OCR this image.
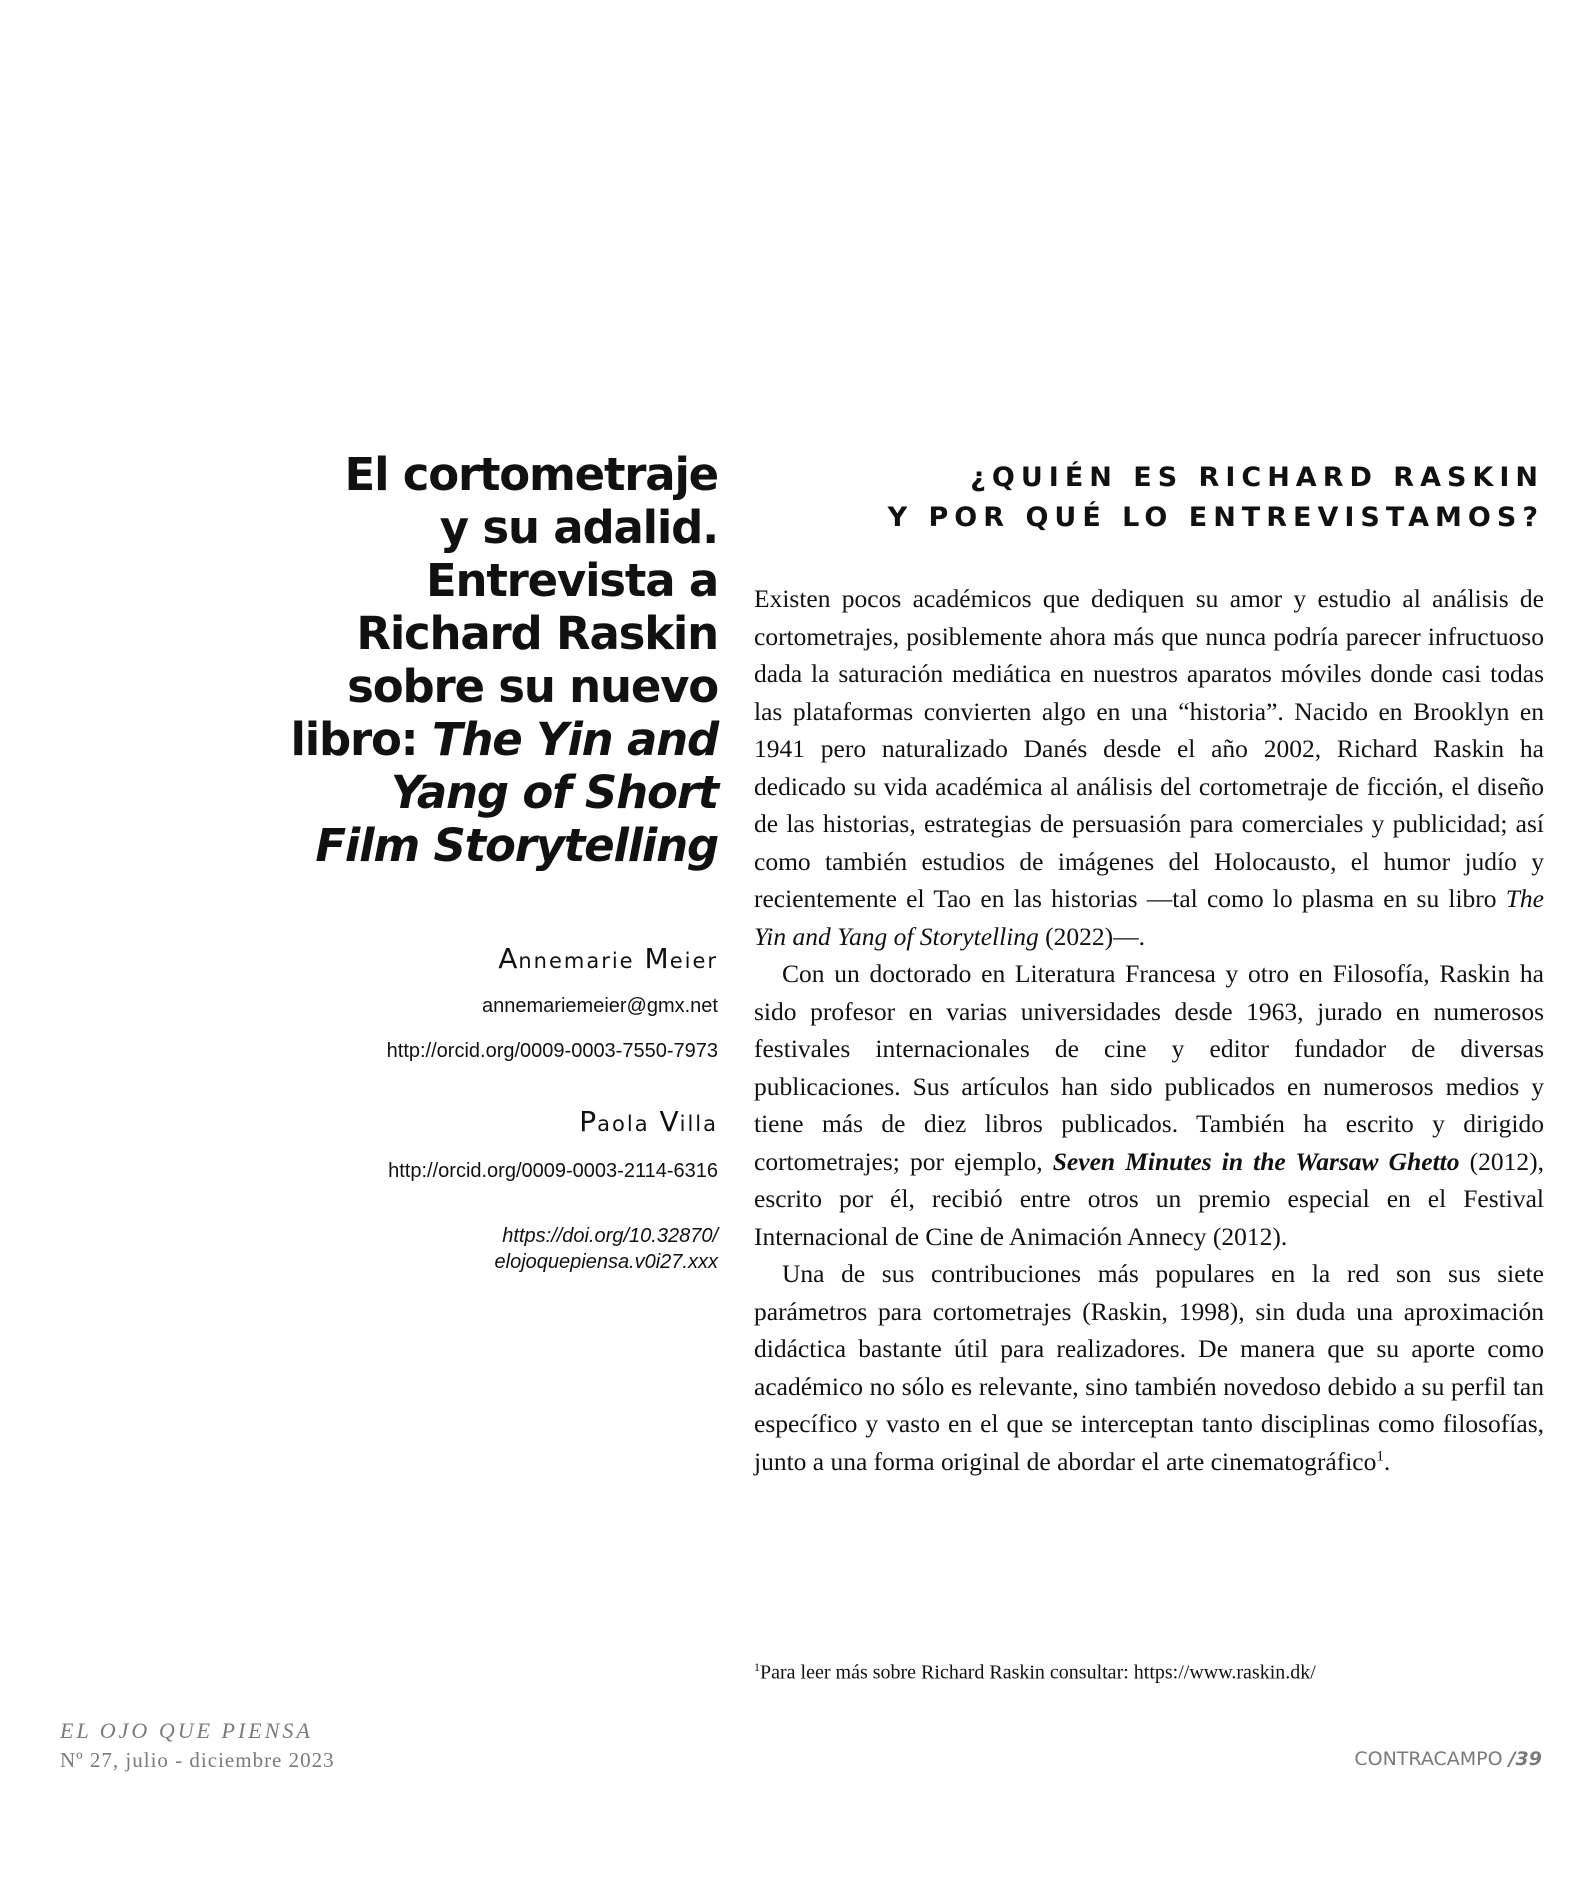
El cortometraje
y su adalid.
Entrevista a
Richard Raskin
sobre su nuevo
libro: The Yin and
Yang of Short
Film Storytelling

Annemarie Meier

annemariemeier@gmx.net

http://orcid.org/0009-0003-7550-7973

Paola Villa

http://orcid.org/0009-0003-2114-6316

https://doi.org/10.32870/
elojoquepiensa.v0i27.xxx

¿QUIÉN ES RICHARD RASKIN
Y POR QUÉ LO ENTREVISTAMOS?

Existen pocos académicos que dediquen su amor y estudio al análisis de cortometrajes, posiblemente ahora más que nunca podría parecer infructuoso dada la saturación mediática en nuestros aparatos móviles donde casi todas las plataformas convierten algo en una “historia”. Nacido en Brooklyn en 1941 pero naturalizado Danés desde el año 2002, Richard Raskin ha dedicado su vida académica al análisis del cortometraje de ficción, el diseño de las historias, estrategias de persuasión para comerciales y publicidad; así como también estudios de imágenes del Holocausto, el humor judío y recientemente el Tao en las historias —tal como lo plasma en su libro The Yin and Yang of Storytelling (2022)—.

Con un doctorado en Literatura Francesa y otro en Filosofía, Raskin ha sido profesor en varias universidades desde 1963, jurado en numerosos festivales internacionales de cine y editor fundador de diversas publicaciones. Sus artículos han sido publicados en numerosos medios y tiene más de diez libros publicados. También ha escrito y dirigido cortometrajes; por ejemplo, Seven Minutes in the Warsaw Ghetto (2012), escrito por él, recibió entre otros un premio especial en el Festival Internacional de Cine de Animación Annecy (2012).

Una de sus contribuciones más populares en la red son sus siete parámetros para cortometrajes (Raskin, 1998), sin duda una aproximación didáctica bastante útil para realizadores. De manera que su aporte como académico no sólo es relevante, sino también novedoso debido a su perfil tan específico y vasto en el que se interceptan tanto disciplinas como filosofías, junto a una forma original de abordar el arte cinematográfico$^1$.

$^1$Para leer más sobre Richard Raskin consultar: https://www.raskin.dk/

EL OJO QUE PIENSA

Nº 27, julio - diciembre 2023	CONTRACAMPO /39
